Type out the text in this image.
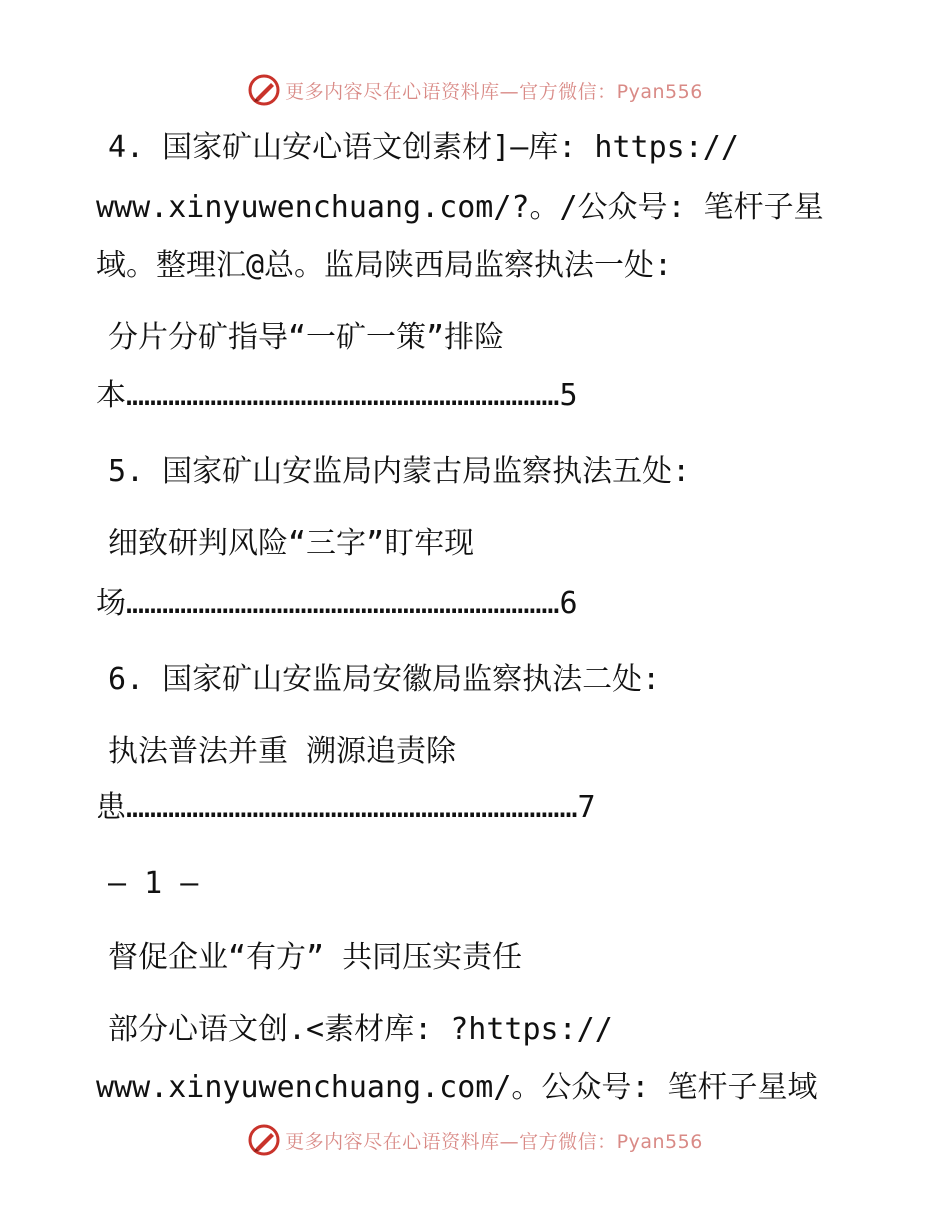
更多内容尽在心语资料库—官方微信：Pyan556
4. 国家矿山安心语文创素材]—库: https://
www.xinyuwenchuang.com/?。/公众号: 笔杆子星
域。整理汇@总。监局陕西局监察执法一处:
分片分矿指导“一矿一策”排险
本………………………………………………………………5
5. 国家矿山安监局内蒙古局监察执法五处:
细致研判风险“三字”盯牢现
场………………………………………………………………6
6. 国家矿山安监局安徽局监察执法二处:
执法普法并重 溯源追责除
患…………………………………………………………………7
— 1 —
督促企业“有方” 共同压实责任
部分心语文创.<素材库: ?https://
www.xinyuwenchuang.com/。公众号: 笔杆子星域
更多内容尽在心语资料库—官方微信：Pyan556
